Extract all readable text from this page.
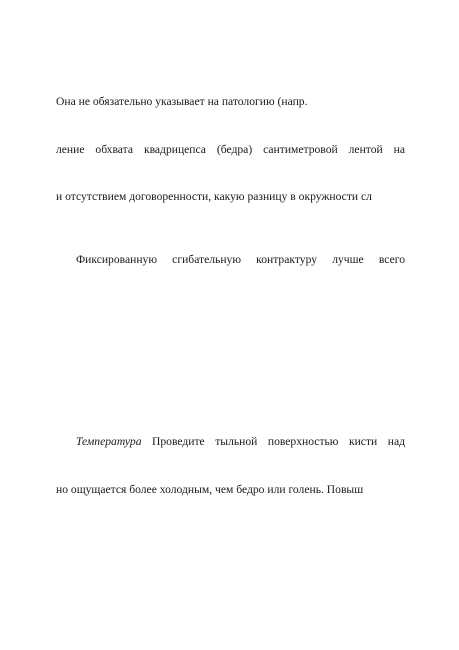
Она не обязательно указывает на патологию (напр.
ление обхвата квадрицепса (бедра) сантиметровой лентой на
и отсутствием договоренности, какую разницу в окружности сл
Фиксированную сгибательную контрактуру лучше всего
Температура Проведите тыльной поверхностью кисти над
но ощущается более холодным, чем бедро или голень. Повыш
